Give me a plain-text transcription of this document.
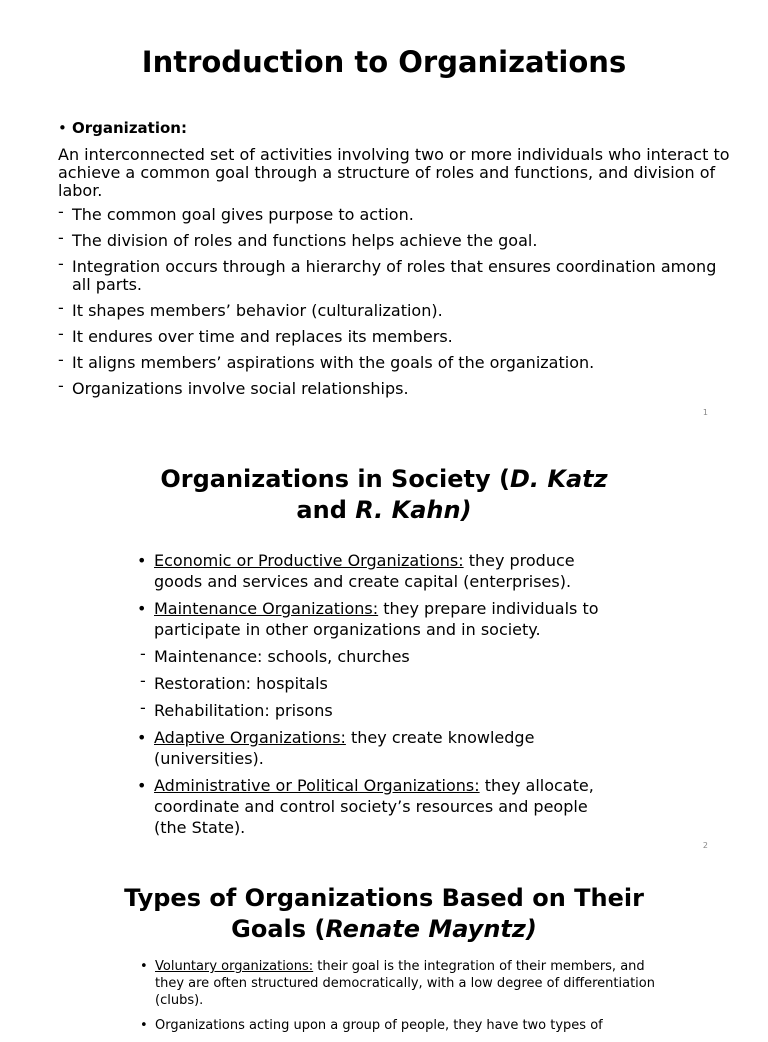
Introduction to Organizations
• Organization:
An interconnected set of activities involving two or more individuals who interact to achieve a common goal through a structure of roles and functions, and division of labor.
- The common goal gives purpose to action.
- The division of roles and functions helps achieve the goal.
- Integration occurs through a hierarchy of roles that ensures coordination among all parts.
- It shapes members’ behavior (culturalization).
- It endures over time and replaces its members.
- It aligns members’ aspirations with the goals of the organization.
- Organizations involve social relationships.
1
Organizations in Society (D. Katz and R. Kahn)
• Economic or Productive Organizations: they produce goods and services and create capital (enterprises).
• Maintenance Organizations: they prepare individuals to participate in other organizations and in society.
- Maintenance: schools, churches
- Restoration: hospitals
- Rehabilitation: prisons
• Adaptive Organizations: they create knowledge (universities).
• Administrative or Political Organizations: they allocate, coordinate and control society’s resources and people (the State).
2
Types of Organizations Based on Their Goals (Renate Mayntz)
• Voluntary organizations: their goal is the integration of their members, and they are often structured democratically, with a low degree of differentiation (clubs).
• Organizations acting upon a group of people, they have two types of
